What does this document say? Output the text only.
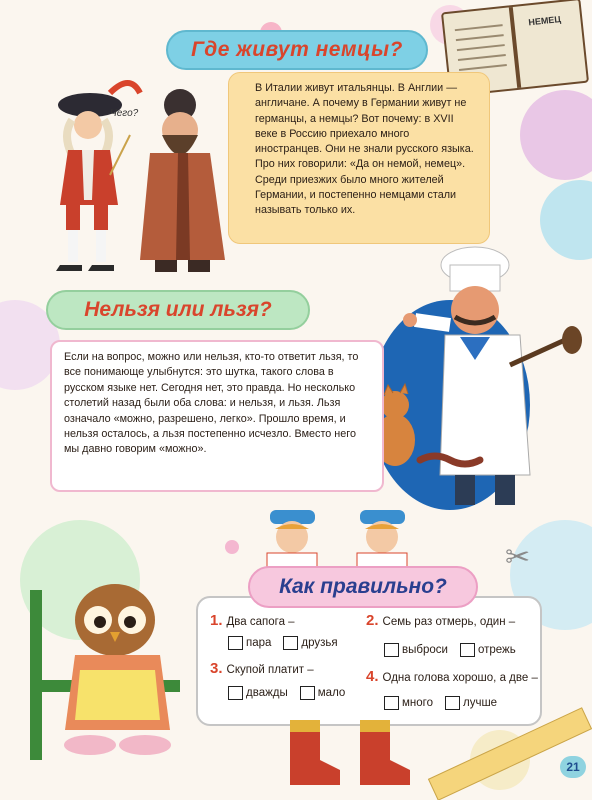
Чего?
НЕМЕЦ
Где живут немцы?

В Италии живут итальянцы. В Англии — англичане. А почему в Германии живут не германцы, а немцы? Вот почему: в XVII веке в Россию приехало много иностранцев. Они не знали русского языка. Про них говорили: «Да он немой, немец». Среди приезжих было много жителей Германии, и постепенно немцами стали называть только их.

Нельзя или льзя?

Если на вопрос, можно или нельзя, кто-то ответит льзя, то все понимающе улыбнутся: это шутка, такого слова в русском языке нет. Сегодня нет, это правда. Но несколько столетий назад были оба слова: и нельзя, и льзя. Льзя означало «можно, разрешено, легко». Прошло время, и нельзя осталось, а льзя постепенно исчезло. Вместо него мы давно говорим «можно».

1. Два сапога –
пара	друзья
2. Семь раз отмерь, один –
выброси	отрежь
3. Скупой платит –
дважды	мало
4. Одна голова хорошо, а две –
много	лучше
Как правильно?
✂
21
